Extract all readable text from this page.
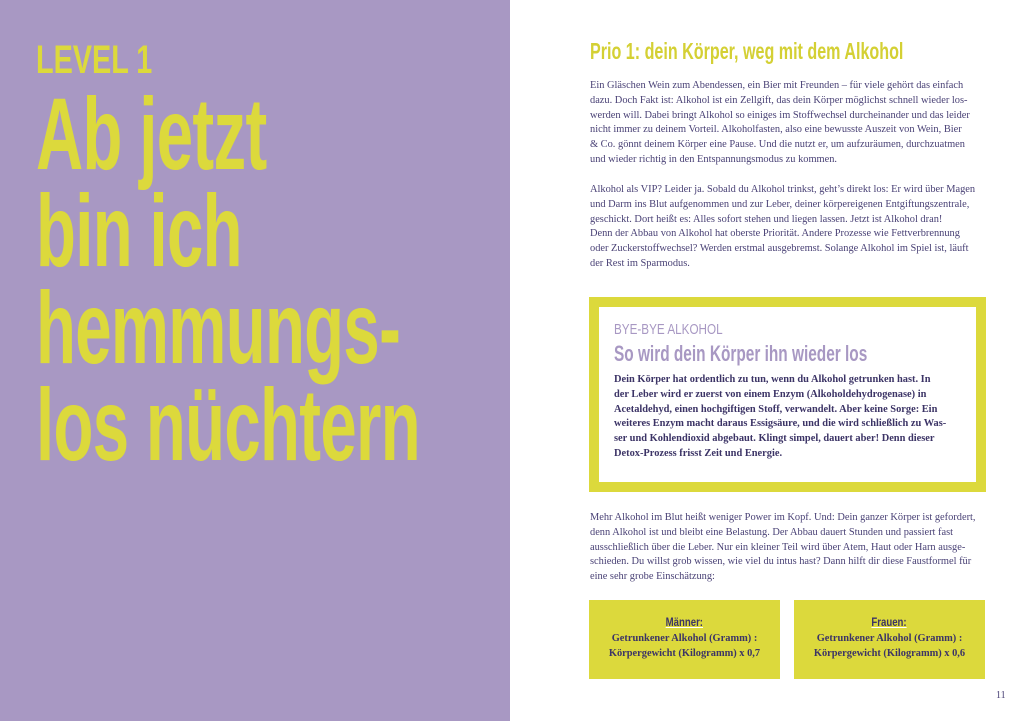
LEVEL 1
Ab jetzt
bin ich
hemmungs-
los nüchtern
Prio 1: dein Körper, weg mit dem Alkohol
Ein Gläschen Wein zum Abendessen, ein Bier mit Freunden – für viele gehört das einfach
dazu. Doch Fakt ist: Alkohol ist ein Zellgift, das dein Körper möglichst schnell wieder los-
werden will. Dabei bringt Alkohol so einiges im Stoffwechsel durcheinander und das leider
nicht immer zu deinem Vorteil. Alkoholfasten, also eine bewusste Auszeit von Wein, Bier
& Co. gönnt deinem Körper eine Pause. Und die nutzt er, um aufzuräumen, durchzuatmen
und wieder richtig in den Entspannungsmodus zu kommen.
Alkohol als VIP? Leider ja. Sobald du Alkohol trinkst, geht’s direkt los: Er wird über Magen
und Darm ins Blut aufgenommen und zur Leber, deiner körpereigenen Entgiftungszentrale,
geschickt. Dort heißt es: Alles sofort stehen und liegen lassen. Jetzt ist Alkohol dran!
Denn der Abbau von Alkohol hat oberste Priorität. Andere Prozesse wie Fettverbrennung
oder Zuckerstoffwechsel? Werden erstmal ausgebremst. Solange Alkohol im Spiel ist, läuft
der Rest im Sparmodus.
BYE-BYE ALKOHOL
So wird dein Körper ihn wieder los
Dein Körper hat ordentlich zu tun, wenn du Alkohol getrunken hast. In
der Leber wird er zuerst von einem Enzym (Alkoholdehydrogenase) in
Acetaldehyd, einen hochgiftigen Stoff, verwandelt. Aber keine Sorge: Ein
weiteres Enzym macht daraus Essigsäure, und die wird schließlich zu Was-
ser und Kohlendioxid abgebaut. Klingt simpel, dauert aber! Denn dieser
Detox-Prozess frisst Zeit und Energie.
Mehr Alkohol im Blut heißt weniger Power im Kopf. Und: Dein ganzer Körper ist gefordert,
denn Alkohol ist und bleibt eine Belastung. Der Abbau dauert Stunden und passiert fast
ausschließlich über die Leber. Nur ein kleiner Teil wird über Atem, Haut oder Harn ausge-
schieden. Du willst grob wissen, wie viel du intus hast? Dann hilft dir diese Faustformel für
eine sehr grobe Einschätzung:
Männer:
Getrunkener Alkohol (Gramm) :
Körpergewicht (Kilogramm) x 0,7
Frauen:
Getrunkener Alkohol (Gramm) :
Körpergewicht (Kilogramm) x 0,6
11
